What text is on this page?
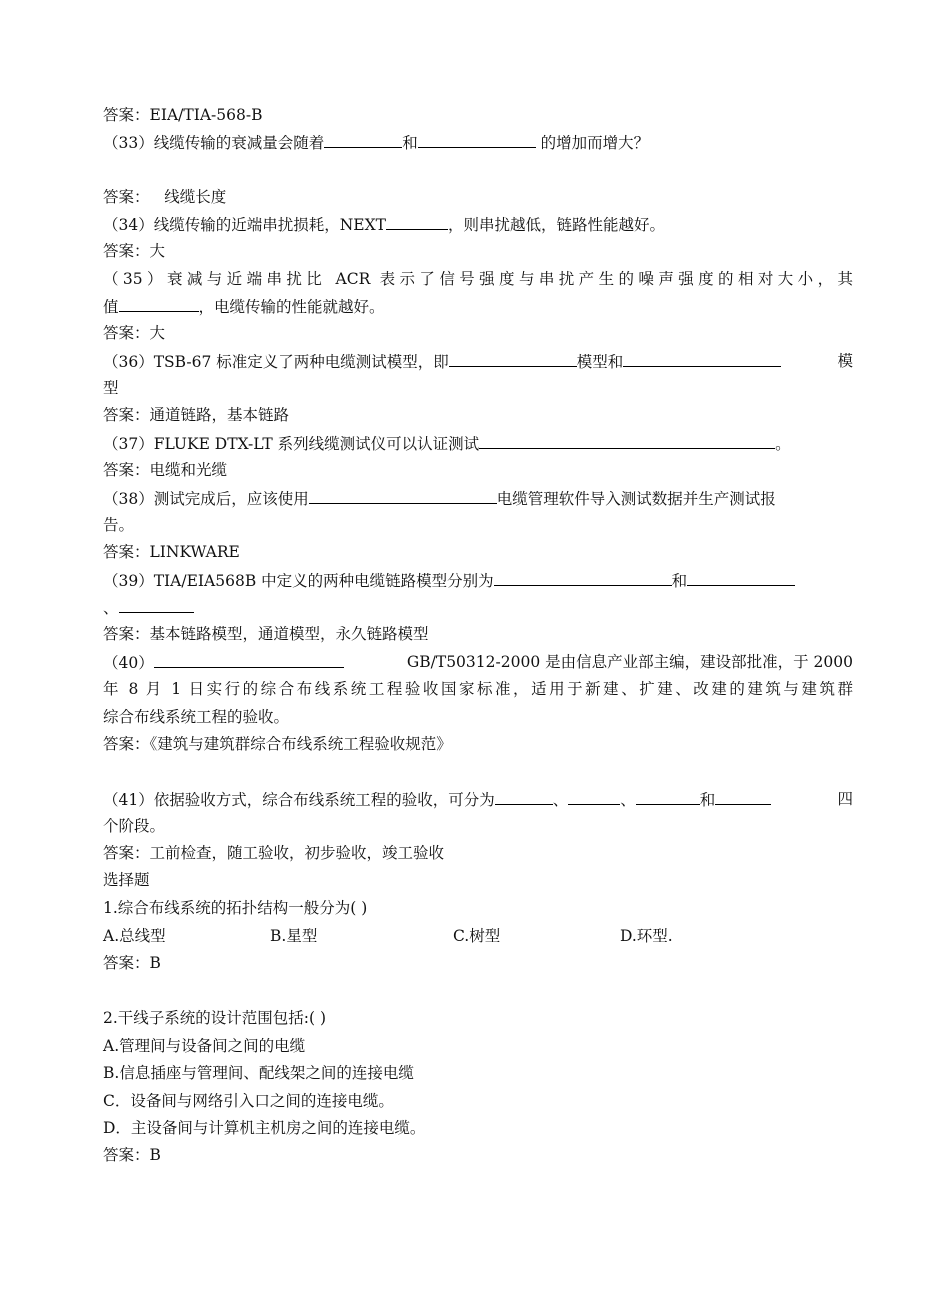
答案：EIA/TIA-568-B
（33）线缆传输的衰减量会随着	和	的增加而增大？
答案：   线缆长度
（34）线缆传输的近端串扰损耗，NEXT	，则串扰越低，链路性能越好。
答案：大
（35）衰减与近端串扰比 ACR 表示了信号强度与串扰产生的噪声强度的相对大小，其
值	，电缆传输的性能就越好。
答案：大
（36）TSB-67 标准定义了两种电缆测试模型，即	模型和	模
型
答案：通道链路，基本链路
（37）FLUKE DTX-LT 系列线缆测试仪可以认证测试	。
答案：电缆和光缆
（38）测试完成后，应该使用	电缆管理软件导入测试数据并生产测试报
告。
答案：LINKWARE
（39）TIA/EIA568B 中定义的两种电缆链路模型分别为	和
、
答案：基本链路模型，通道模型，永久链路模型
（40）	GB/T50312-2000 是由信息产业部主编，建设部批准，于 2000
年 8 月 1 日实行的综合布线系统工程验收国家标准，适用于新建、扩建、改建的建筑与建筑群
综合布线系统工程的验收。
答案：《建筑与建筑群综合布线系统工程验收规范》
（41）依据验收方式，综合布线系统工程的验收，可分为	、	、	和	四
个阶段。
答案：工前检查，随工验收，初步验收，竣工验收
选择题
1.综合布线系统的拓扑结构一般分为( )
A.总线型	B.星型	C.树型	D.环型.
答案：B
2.干线子系统的设计范围包括:( )
A.管理间与设备间之间的电缆
B.信息插座与管理间、配线架之间的连接电缆
C．设备间与网络引入口之间的连接电缆。
D．主设备间与计算机主机房之间的连接电缆。
答案：B
